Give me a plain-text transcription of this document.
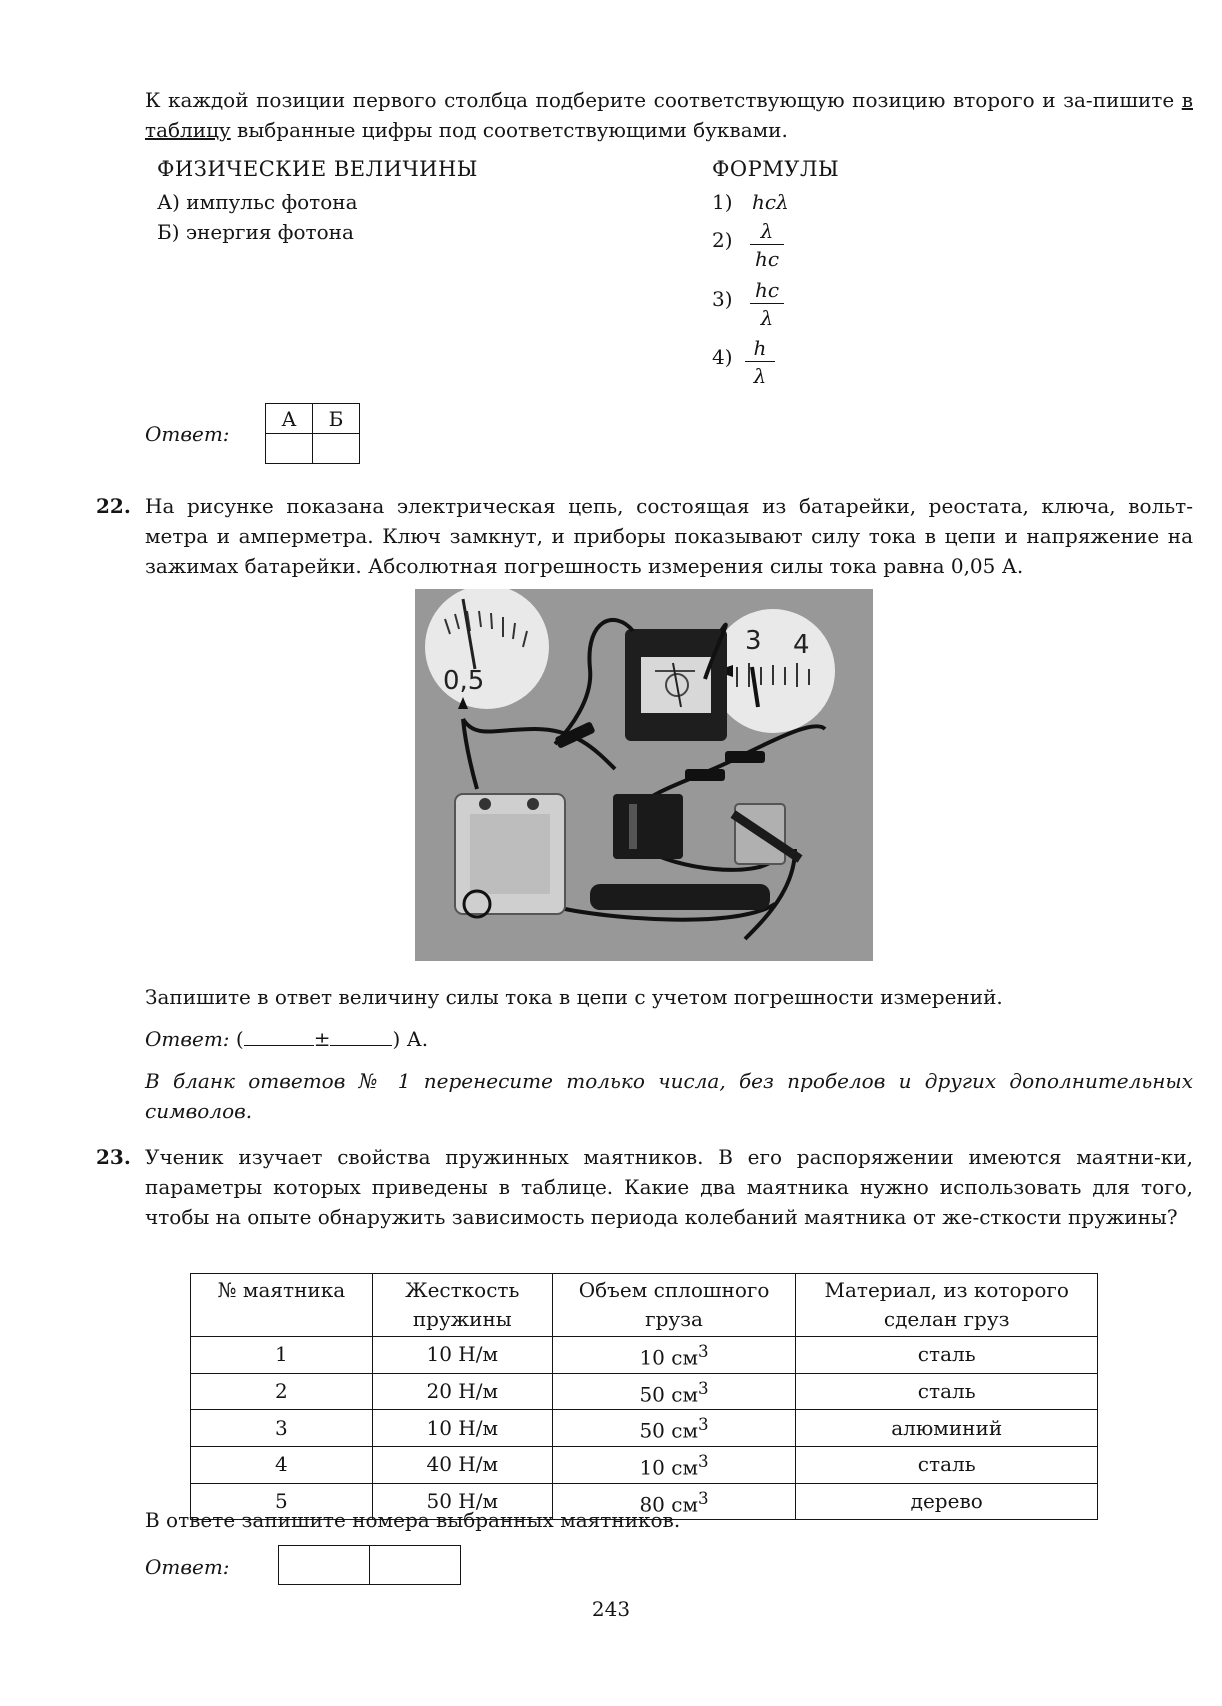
К каждой позиции первого столбца подберите соответствующую позицию второго и за-пишите в таблицу выбранные цифры под соответствующими буквами.
ФИЗИЧЕСКИЕ ВЕЛИЧИНЫ
А) импульс фотона
Б) энергия фотона
ФОРМУЛЫ
1) hcλ
$2) \frac{\lambda}{hc}$
$3) \frac{hc}{\lambda}$
$4) \frac{h}{\lambda}$
Ответ:
А	Б

22. На рисунке показана электрическая цепь, состоящая из батарейки, реостата, ключа, вольт-метра и амперметра. Ключ замкнут, и приборы показывают силу тока в цепи и напряжение на зажимах батарейки. Абсолютная погрешность измерения силы тока равна 0,05 А.
0,5
3 4
Запишите в ответ величину силы тока в цепи с учетом погрешности измерений.
Ответ: (	±	) А.
В бланк ответов № 1 перенесите только числа, без пробелов и других дополнительных символов.
23. Ученик изучает свойства пружинных маятников. В его распоряжении имеются маятни-ки, параметры которых приведены в таблице. Какие два маятника нужно использовать для того, чтобы на опыте обнаружить зависимость периода колебаний маятника от же-сткости пружины?
№ маятника	Жесткость пружины	Объем сплошного груза	Материал, из которого сделан груз
1	10 Н/м	10 $см^3$	сталь
2	20 Н/м	50 $см^3$	сталь
3	10 Н/м	50 $см^3$	алюминий
4	40 Н/м	10 $см^3$	сталь
5	50 Н/м	80 $см^3$	дерево
В ответе запишите номера выбранных маятников.
Ответ:

243
